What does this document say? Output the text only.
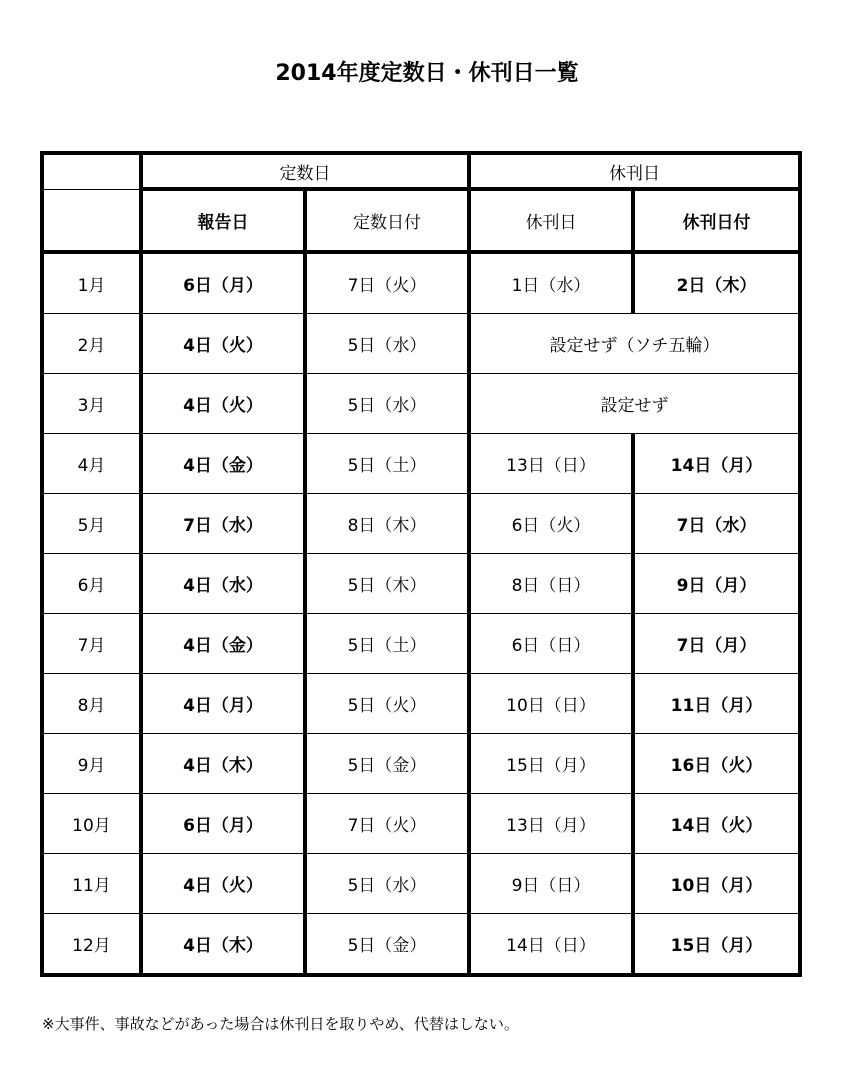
2014年度定数日・休刊日一覧
	定数日		休刊日	
	報告日	定数日付	休刊日	休刊日付
1月	6日（月）	7日（火）	1日（水）	2日（木）
2月	4日（火）	5日（水）	設定せず（ソチ五輪）	
3月	4日（火）	5日（水）	設定せず	
4月	4日（金）	5日（土）	13日（日）	14日（月）
5月	7日（水）	8日（木）	6日（火）	7日（水）
6月	4日（水）	5日（木）	8日（日）	9日（月）
7月	4日（金）	5日（土）	6日（日）	7日（月）
8月	4日（月）	5日（火）	10日（日）	11日（月）
9月	4日（木）	5日（金）	15日（月）	16日（火）
10月	6日（月）	7日（火）	13日（月）	14日（火）
11月	4日（火）	5日（水）	9日（日）	10日（月）
12月	4日（木）	5日（金）	14日（日）	15日（月）
※大事件、事故などがあった場合は休刊日を取りやめ、代替はしない。
